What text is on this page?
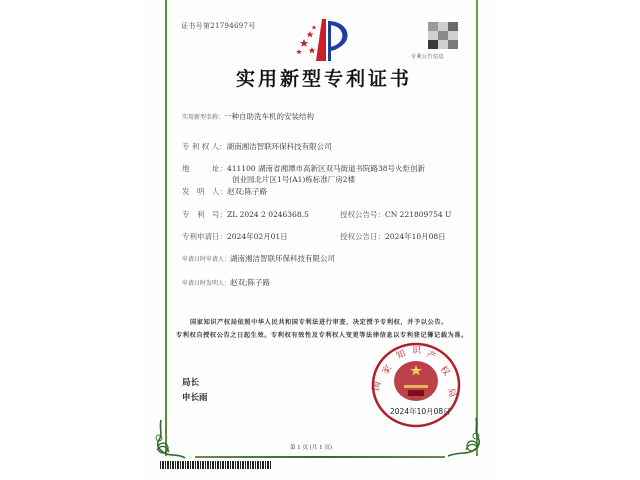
证书号第21794697号
专利公告信息
实用新型专利证书
实用新型名称：一种自助洗车机的安装结构
专 利 权 人：湖南湘洁智联环保科技有限公司
地　　　址：411100 湖南省湘潭市高新区双马街道书院路38号火炬创新
创业园北片区1号(A1)栋标准厂房2楼
发　明　人：赵双;陈子路
专　利　号：ZL 2024 2 0246368.5	授权公告号：CN 221809754 U
专利申请日：2024年02月01日	授权公告日：2024年10月08日
申请日时申请人：湖南湘洁智联环保科技有限公司
申请日时发明人：赵双;陈子路
国家知识产权局依照中华人民共和国专利法进行审查，决定授予专利权，并予以公告。
专利权自授权公告之日起生效。专利权有效性及专利权人变更等法律信息以专利登记簿记载为准。
局长
申长雨
家
知 识 产
权
局
国
2024年10月08日
第 1 页 (共 1 页)
